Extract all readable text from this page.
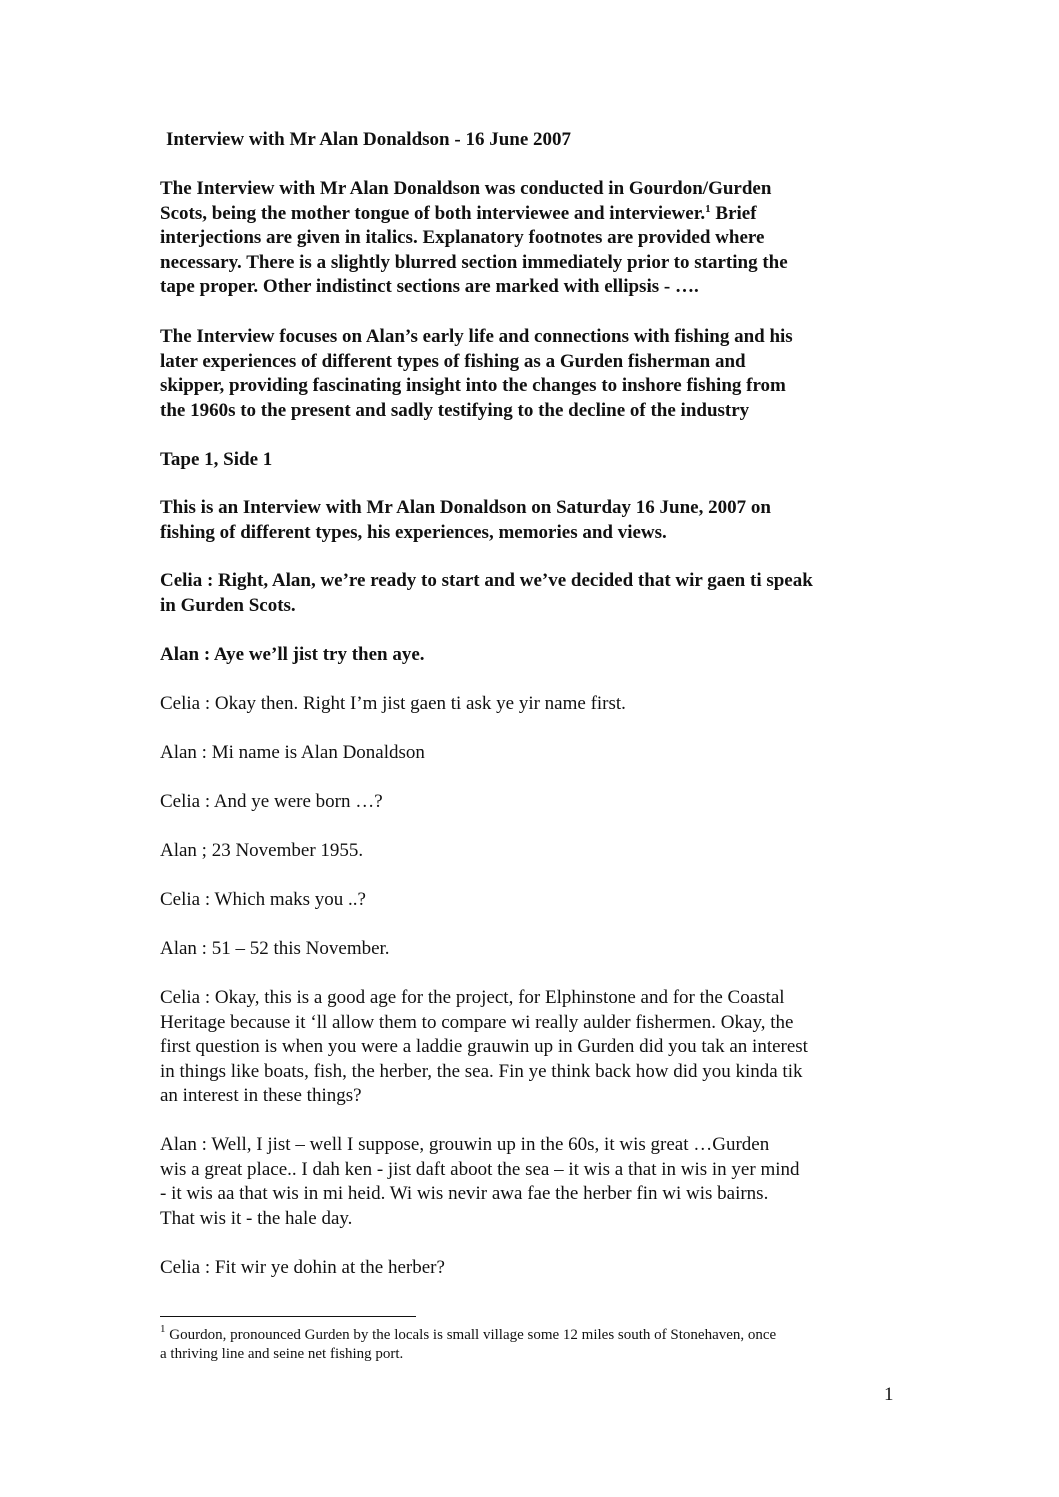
Interview with Mr Alan Donaldson - 16 June 2007

The Interview with Mr Alan Donaldson was conducted in Gourdon/Gurden
Scots, being the mother tongue of both interviewee and interviewer.$^1$ Brief
interjections are given in italics. Explanatory footnotes are provided where
necessary. There is a slightly blurred section immediately prior to starting the
tape proper. Other indistinct sections are marked with ellipsis - ….

The Interview focuses on Alan’s early life and connections with fishing and his
later experiences of different types of fishing as a Gurden fisherman and
skipper, providing fascinating insight into the changes to inshore fishing from
the 1960s to the present and sadly testifying to the decline of the industry

Tape 1, Side 1

This is an Interview with Mr Alan Donaldson on Saturday 16 June, 2007 on
fishing of different types, his experiences, memories and views.

Celia : Right, Alan, we’re ready to start and we’ve decided that wir gaen ti speak
in Gurden Scots.

Alan : Aye we’ll jist try then aye.

Celia : Okay then. Right I’m jist gaen ti ask ye yir name first.

Alan : Mi name is Alan Donaldson

Celia : And ye were born …?

Alan ; 23 November 1955.

Celia : Which maks you ..?

Alan : 51 – 52 this November.

Celia : Okay, this is a good age for the project, for Elphinstone and for the Coastal
Heritage because it ‘ll allow them to compare wi really aulder fishermen. Okay, the
first question is when you were a laddie grauwin up in Gurden did you tak an interest
in things like boats, fish, the herber, the sea. Fin ye think back how did you kinda tik
an interest in these things?

Alan : Well, I jist – well I suppose, grouwin up in the 60s, it wis great …Gurden
wis a great place.. I dah ken - jist daft aboot the sea – it wis a that in wis in yer mind
- it wis aa that wis in mi heid. Wi wis nevir awa fae the herber fin wi wis bairns.
That wis it - the hale day.

Celia : Fit wir ye dohin at the herber?

$^1$ Gourdon, pronounced Gurden by the locals is small village some 12 miles south of Stonehaven, once
a thriving line and seine net fishing port.

1
